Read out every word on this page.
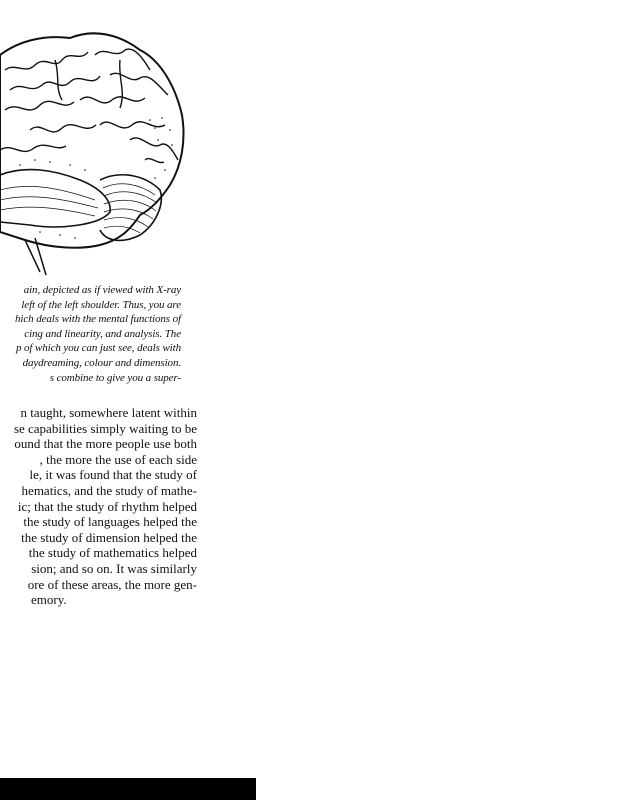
ain, depicted as if viewed with X-ray
left of the left shoulder. Thus, you are
hich deals with the mental functions of
cing and linearity, and analysis. The
p of which you can just see, deals with
daydreaming, colour and dimension.
s combine to give you a super-
n taught, somewhere latent within
se capabilities simply waiting to be
ound that the more people use both
, the more the use of each side
le, it was found that the study of
hematics, and the study of mathe-
ic; that the study of rhythm helped
the study of languages helped the
the study of dimension helped the
the study of mathematics helped
sion; and so on. It was similarly
ore of these areas, the more gen-
emory.
